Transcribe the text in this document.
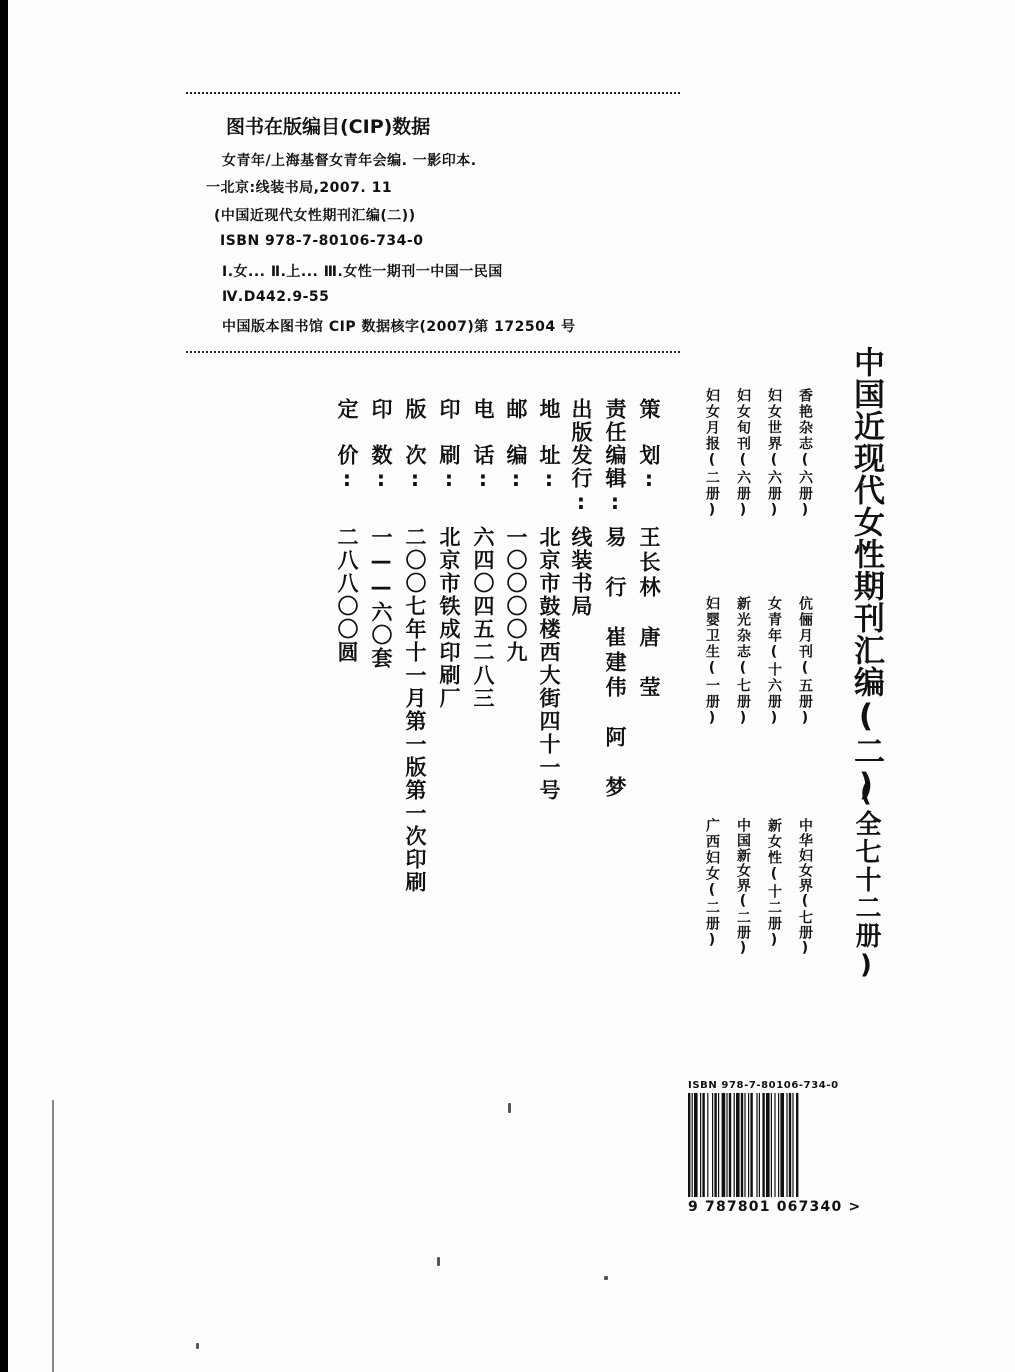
图书在版编目(CIP)数据
女青年/上海基督女青年会编. 一影印本.
一北京:线装书局,2007. 11
(中国近现代女性期刊汇编(二))
ISBN 978-7-80106-734-0
I.女... Ⅱ.上... Ⅲ.女性一期刊一中国一民国
Ⅳ.D442.9-55
中国版本图书馆 CIP 数据核字(2007)第 172504 号
策　划:
王长林　唐　莹
责任编辑:
易　行　崔建伟　阿　梦
出版发行:
线装书局
地　址:
北京市鼓楼西大街四十一号
邮　编:
一〇〇〇〇九
电　话:
六四〇四五二八三
印　刷:
北京市铁成印刷厂
版　次:
二〇〇七年十一月第一版第一次印刷
印　数:
一——六〇套
定　价:
二八八〇〇圆	中国近现代女性期刊汇编(二)
(全七十二册)
香艳杂志(六册)
妇女世界(六册)
妇女旬刊(六册)
妇女月报(二册)
伉俪月刊(五册)
女青年(十六册)
新光杂志(七册)
妇婴卫生(一册)
中华妇女界(七册)
新女性(十二册)
中国新女界(二册)
广西妇女(二册)
ISBN 978-7-80106-734-0
9 787801 067340 >
